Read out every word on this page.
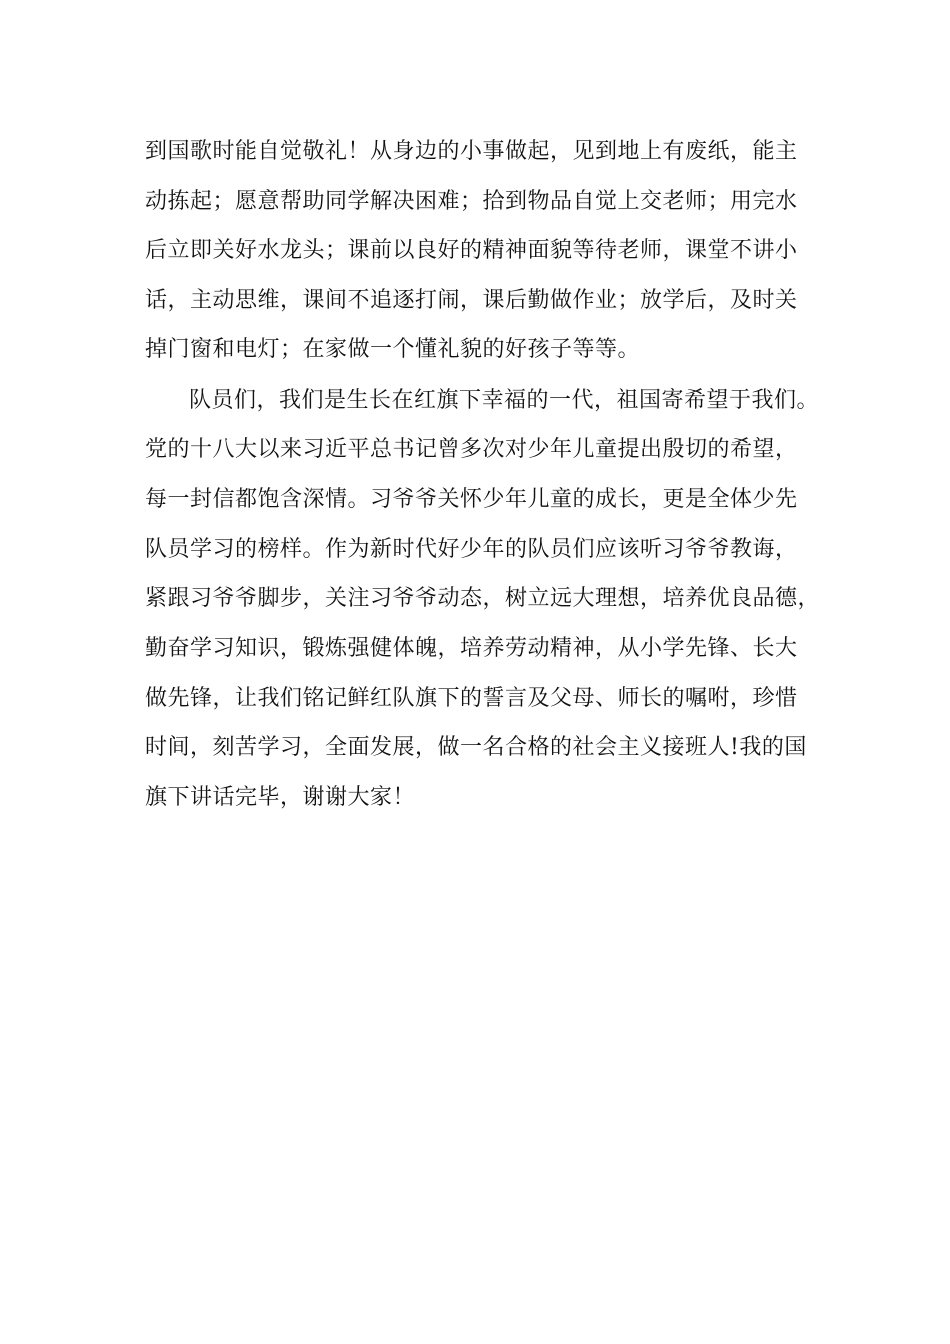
到国歌时能自觉敬礼！从身边的小事做起，见到地上有废纸，能主
动拣起；愿意帮助同学解决困难；拾到物品自觉上交老师；用完水
后立即关好水龙头；课前以良好的精神面貌等待老师，课堂不讲小
话，主动思维，课间不追逐打闹，课后勤做作业；放学后，及时关
掉门窗和电灯；在家做一个懂礼貌的好孩子等等。
队员们，我们是生长在红旗下幸福的一代，祖国寄希望于我们。
党的十八大以来习近平总书记曾多次对少年儿童提出殷切的希望，
每一封信都饱含深情。习爷爷关怀少年儿童的成长，更是全体少先
队员学习的榜样。作为新时代好少年的队员们应该听习爷爷教诲，
紧跟习爷爷脚步，关注习爷爷动态，树立远大理想，培养优良品德，
勤奋学习知识，锻炼强健体魄，培养劳动精神，从小学先锋、长大
做先锋，让我们铭记鲜红队旗下的誓言及父母、师长的嘱咐，珍惜
时间，刻苦学习，全面发展，做一名合格的社会主义接班人!我的国
旗下讲话完毕，谢谢大家！
